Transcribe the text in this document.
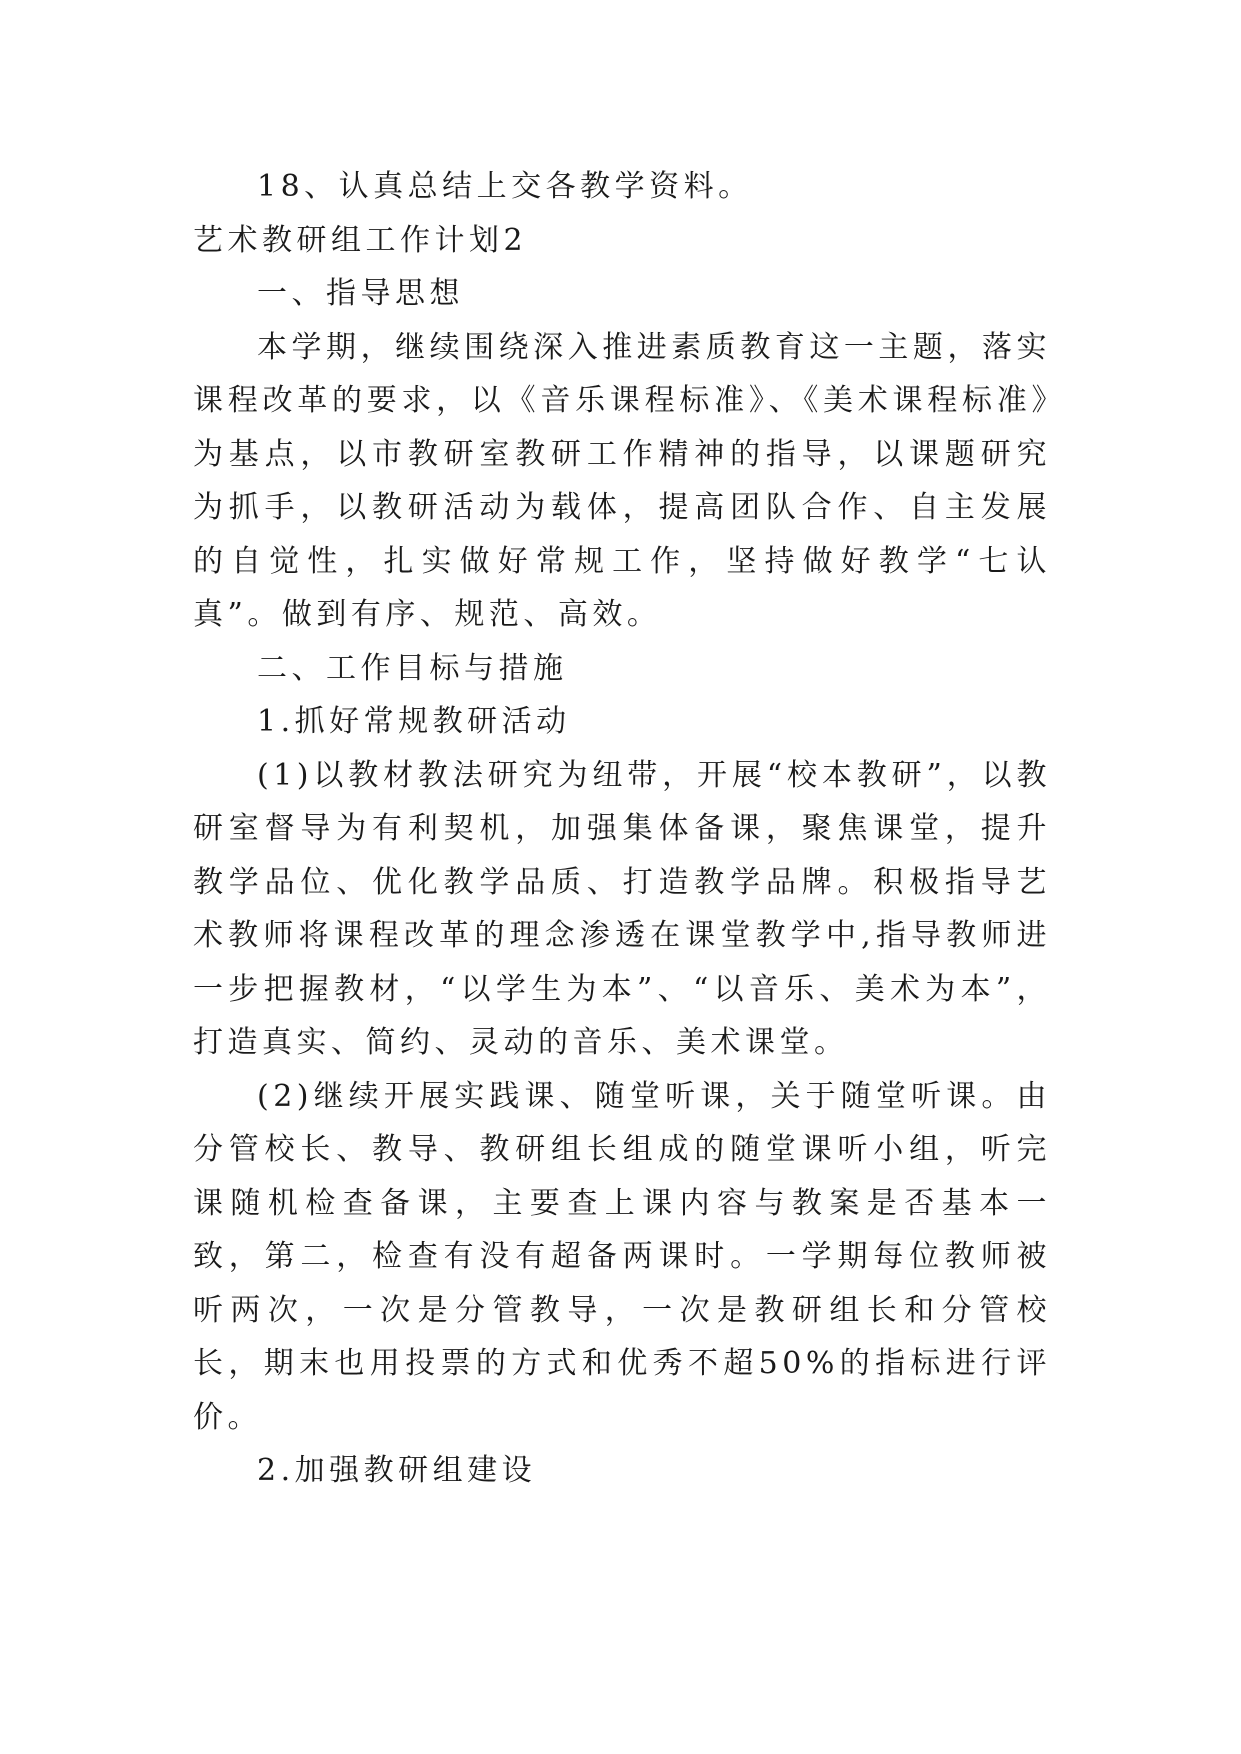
18、认真总结上交各教学资料。

艺术教研组工作计划2

一、指导思想

本学期，继续围绕深入推进素质教育这一主题，落实课程改革的要求，以《音乐课程标准》、《美术课程标准》为基点，以市教研室教研工作精神的指导，以课题研究为抓手，以教研活动为载体，提高团队合作、自主发展的自觉性，扎实做好常规工作，坚持做好教学“七认真”。做到有序、规范、高效。

二、工作目标与措施

1.抓好常规教研活动

(1)以教材教法研究为纽带，开展“校本教研”，以教研室督导为有利契机，加强集体备课，聚焦课堂，提升教学品位、优化教学品质、打造教学品牌。积极指导艺术教师将课程改革的理念渗透在课堂教学中,指导教师进一步把握教材，“以学生为本”、“以音乐、美术为本”，打造真实、简约、灵动的音乐、美术课堂。

(2)继续开展实践课、随堂听课，关于随堂听课。由分管校长、教导、教研组长组成的随堂课听小组，听完课随机检查备课，主要查上课内容与教案是否基本一致，第二，检查有没有超备两课时。一学期每位教师被听两次，一次是分管教导，一次是教研组长和分管校长，期末也用投票的方式和优秀不超50%的指标进行评价。

2.加强教研组建设
